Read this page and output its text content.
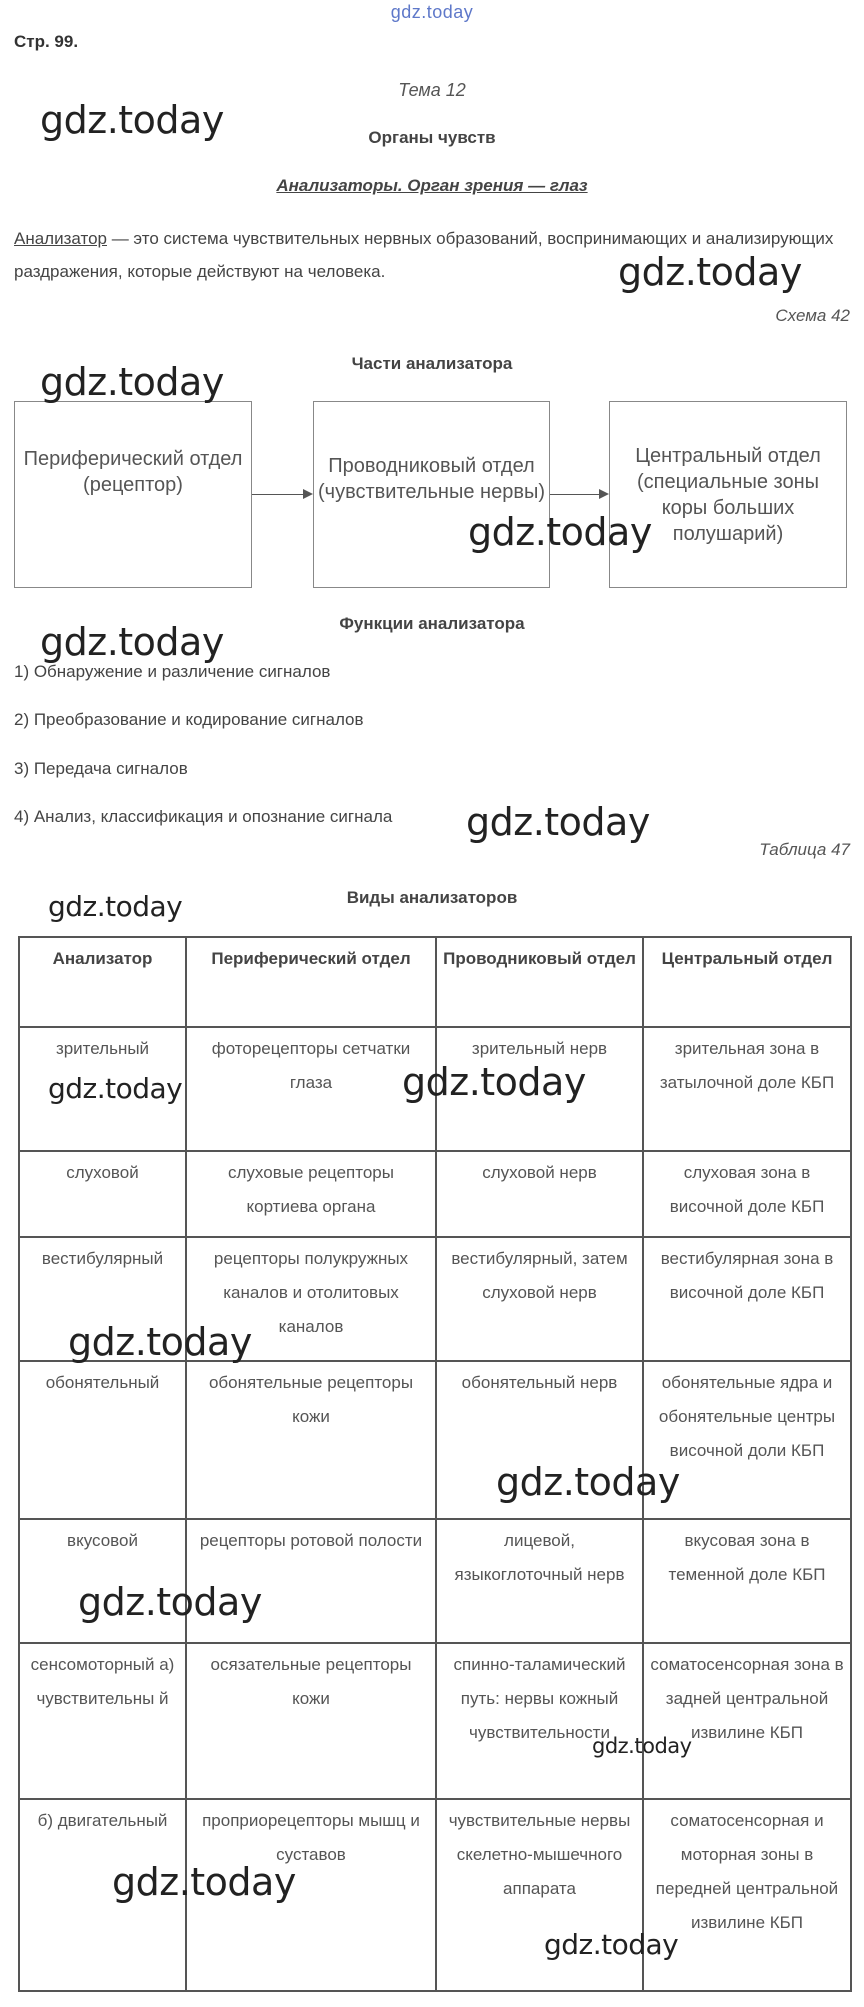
gdz.today
Стр. 99.
Тема 12
Органы чувств
Анализаторы. Орган зрения — глаз
Анализатор — это система чувствительных нервных образований, воспринимающих и анализирующих раздражения, которые действуют на человека.
Схема 42
Части анализатора
Периферический отдел (рецептор)
Проводниковый отдел (чувствительные нервы)
Центральный отдел (специальные зоны коры больших полушарий)
Функции анализатора
1) Обнаружение и различение сигналов
2) Преобразование и кодирование сигналов
3) Передача сигналов
4) Анализ, классификация и опознание сигнала
Таблица 47
Виды анализаторов
Анализатор	Периферический отдел	Проводниковый отдел	Центральный отдел
зрительный	фоторецепторы сетчатки глаза	зрительный нерв	зрительная зона в затылочной доле КБП
слуховой	слуховые рецепторы кортиева органа	слуховой нерв	слуховая зона в височной доле КБП
вестибулярный	рецепторы полукружных каналов и отолитовых каналов	вестибулярный, затем слуховой нерв	вестибулярная зона в височной доле КБП
обонятельный	обонятельные рецепторы кожи	обонятельный нерв	обонятельные ядра и обонятельные центры височной доли КБП
вкусовой	рецепторы ротовой полости	лицевой, языкоглоточный нерв	вкусовая зона в теменной доле КБП
сенсомоторный а) чувствительны й	осязательные рецепторы кожи	спинно-таламический путь: нервы кожный чувствительности	соматосенсорная зона в задней центральной извилине КБП
б) двигательный	проприорецепторы мышц и суставов	чувствительные нервы скелетно-мышечного аппарата	соматосенсорная и моторная зоны в передней центральной извилине КБП
gdz.today
gdz.today
gdz.today
gdz.today
gdz.today
gdz.today
gdz.today
gdz.today	gdz.today
gdz.today
gdz.today
gdz.today
gdz.today
gdz.today
gdz.today
